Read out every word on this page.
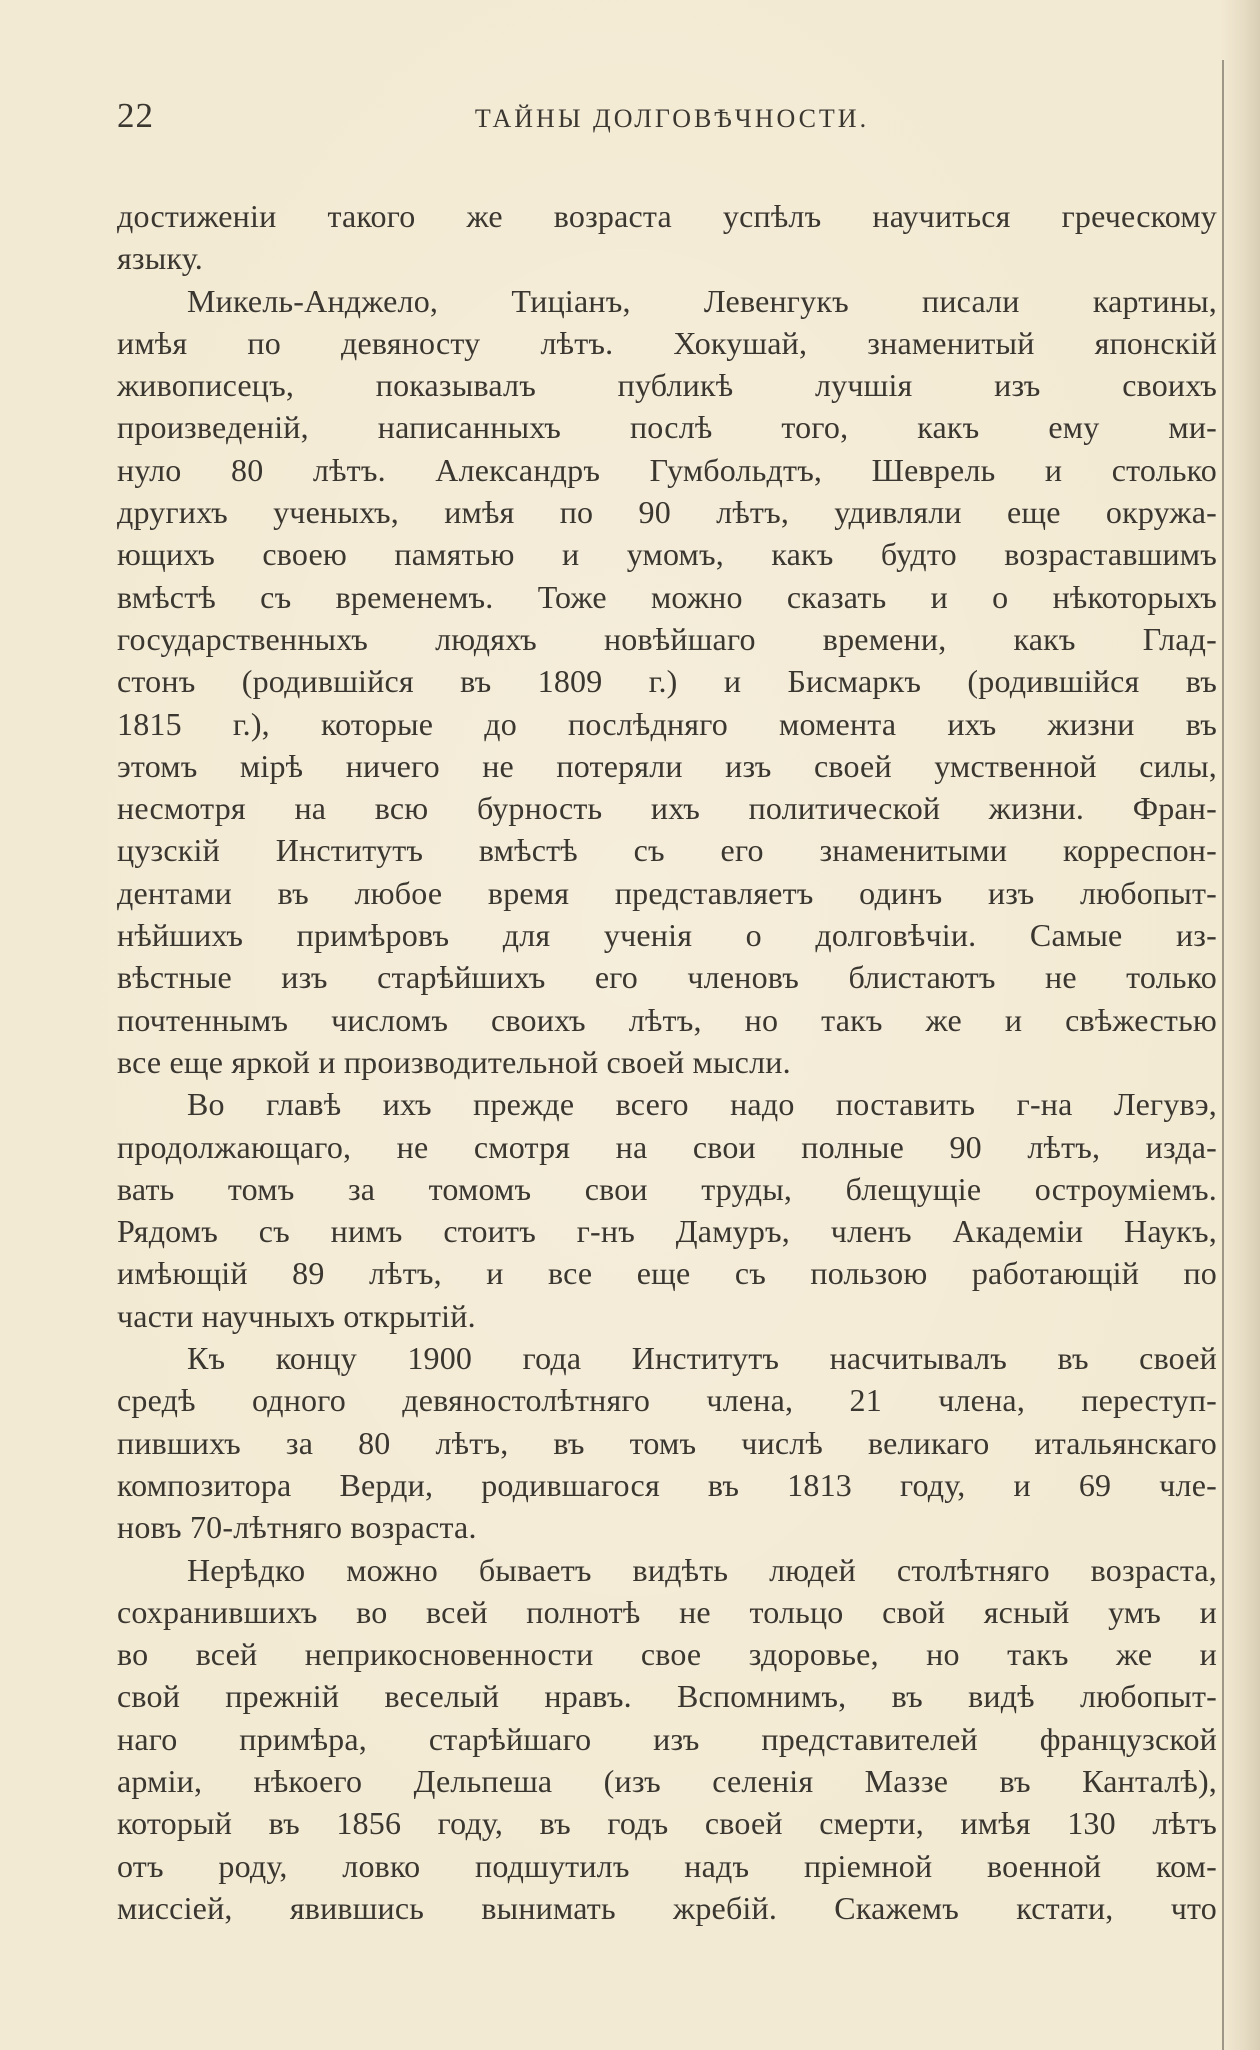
22	ТАЙНЫ ДОЛГОВѢЧНОСТИ.
достиженіи такого же возраста успѣлъ научиться греческому
языку.
Микель-Анджело, Тиціанъ, Левенгукъ писали картины,
имѣя по девяносту лѣтъ. Хокушай, знаменитый японскій
живописецъ, показывалъ публикѣ лучшія изъ своихъ
произведеній, написанныхъ послѣ того, какъ ему ми-
нуло 80 лѣтъ. Александръ Гумбольдтъ, Шеврель и столько
другихъ ученыхъ, имѣя по 90 лѣтъ, удивляли еще окружа-
ющихъ своею памятью и умомъ, какъ будто возраставшимъ
вмѣстѣ съ временемъ. Тоже можно сказать и о нѣкоторыхъ
государственныхъ людяхъ новѣйшаго времени, какъ Глад-
стонъ (родившійся въ 1809 г.) и Бисмаркъ (родившійся въ
1815 г.), которые до послѣдняго момента ихъ жизни въ
этомъ мірѣ ничего не потеряли изъ своей умственной силы,
несмотря на всю бурность ихъ политической жизни. Фран-
цузскій Институтъ вмѣстѣ съ его знаменитыми корреспон-
дентами въ любое время представляетъ одинъ изъ любопыт-
нѣйшихъ примѣровъ для ученія о долговѣчіи. Самые из-
вѣстные изъ старѣйшихъ его членовъ блистаютъ не только
почтеннымъ числомъ своихъ лѣтъ, но такъ же и свѣжестью
все еще яркой и производительной своей мысли.
Во главѣ ихъ прежде всего надо поставить г-на Легувэ,
продолжающаго, не смотря на свои полные 90 лѣтъ, изда-
вать томъ за томомъ свои труды, блещущіе остроуміемъ.
Рядомъ съ нимъ стоитъ г-нъ Дамуръ, членъ Академіи Наукъ,
имѣющій 89 лѣтъ, и все еще съ пользою работающій по
части научныхъ открытій.
Къ концу 1900 года Институтъ насчитывалъ въ своей
средѣ одного девяностолѣтняго члена, 21 члена, переступ-
пившихъ за 80 лѣтъ, въ томъ числѣ великаго итальянскаго
композитора Верди, родившагося въ 1813 году, и 69 чле-
новъ 70-лѣтняго возраста.
Нерѣдко можно бываетъ видѣть людей столѣтняго возраста,
сохранившихъ во всей полнотѣ не тольцо свой ясный умъ и
во всей неприкосновенности свое здоровье, но такъ же и
свой прежній веселый нравъ. Вспомнимъ, въ видѣ любопыт-
наго примѣра, старѣйшаго изъ представителей французской
арміи, нѣкоего Дельпеша (изъ селенія Маззе въ Канталѣ),
который въ 1856 году, въ годъ своей смерти, имѣя 130 лѣтъ
отъ роду, ловко подшутилъ надъ пріемной военной ком-
миссіей, явившись вынимать жребій. Скажемъ кстати, что
